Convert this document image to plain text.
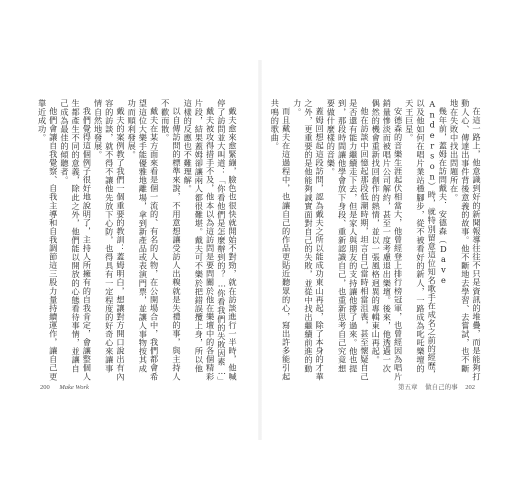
戴夫愈來愈緊繃，臉色也很快就開始不對勁，就在訪談進行一半時，他喊停了訪問並大叫道：「你看他們是怎麼辦到的？…你看我們的失敗因素…」

戴夫被攻得措手不及，他本以為這訪問是要問關於他在樂壇中的各個精彩片段，結果蓋姆卻讓兩人都很難堪。戴夫可不樂於把錯誤攬上身，所以他這樣的反應也不難理解。

以自傳訪問的標準來說，不用意想讓受訪人出糗就是失禮的事，與主持人不歡而散。

戴夫在某方面來看是個一流的、有名的人物，在公開場合中，我們都會希望這位大樂手能優雅地離場，拿到新產品或表演門票，並讓人事物按其成功而順利發展。

戴夫的案例教了我們一個重要的教訓：蓋姆明白，想讓對方開口說出有內容的訪談，就不得不讓他先放下心防，也得具有一定程度的好奇心來讓事情自然地發展。

我們覺得這個例子很好地說明了，主持人所擁有的自我肯定，會讓整個人生都產生不同的意義，除此之外，他們能以開放的心態看待事情，並讓自己成為最佳的傾聽者。

他們會讓自我覺察、自我主導和自我調節這三股力量持續運作，讓自己更靠近成功。

200 Make Work

在這一路上，他意識到好的新聞報導往往不只是資訊的堆疊，而是能夠打動人心、傳達出事件背後意義的故事。他不斷地去學習、去嘗試，也不斷地在失敗中找出問題所在。

幾年前，蓋姆在訪問戴夫．安德森（Dave Anderson）時，就特別留意這位知名歌手在成名之前的經歷，以及他如何在唱片業站穩腳步，從不被看好的新人，一路成為叱吒樂壇的天王巨星。

安德森的音樂生涯起伏相當大，他曾經登上排行榜冠軍，也曾經因為唱片銷量慘淡而被唱片公司解約，甚至一度考慮退出樂壇。後來，他透過一次偶然的機會重新找回創作的熱情，並以一張風格迥異的專輯東山再起。

他在訪談中回憶起那段低潮時期，坦言自己當時相當沮喪，甚至懷疑自己是否還有能力繼續走下去，但是家人與朋友的支持讓他撐了過來。他也提到，那段時間讓他學會放下身段、重新認識自己，也重新思考自己究竟想要做什麼樣的音樂。

蓋姆回想起這段訪問，認為戴夫之所以能成功東山再起，除了本身的才華之外，更重要的是他能夠誠實面對自己的失敗，並從中找出繼續前進的動力。

而且戴夫在這過程中，也讓自己的作品更貼近聽眾的心，寫出許多能引起共鳴的歌曲。

第五章 做自己的事 202
